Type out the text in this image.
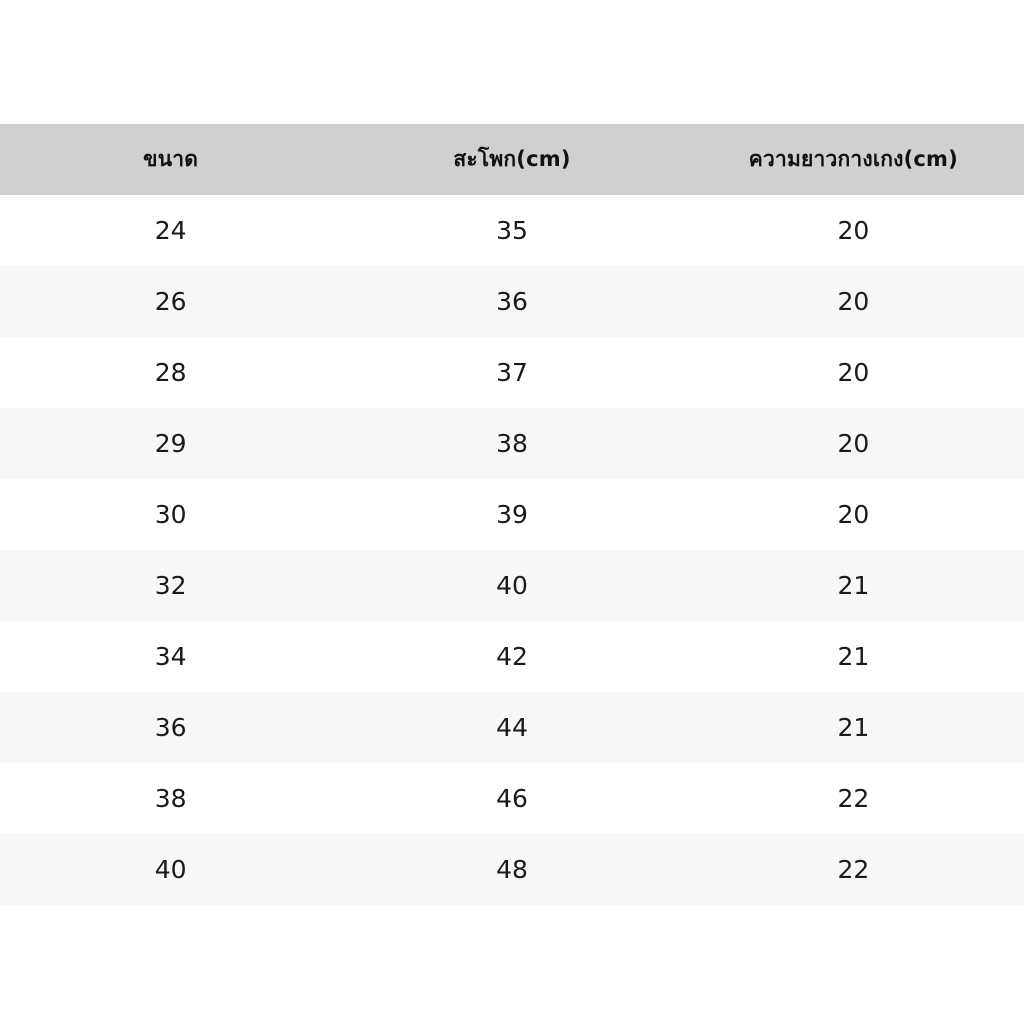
ขนาด	สะโพก(cm)	ความยาวกางเกง(cm)
24	35	20
26	36	20
28	37	20
29	38	20
30	39	20
32	40	21
34	42	21
36	44	21
38	46	22
40	48	22
